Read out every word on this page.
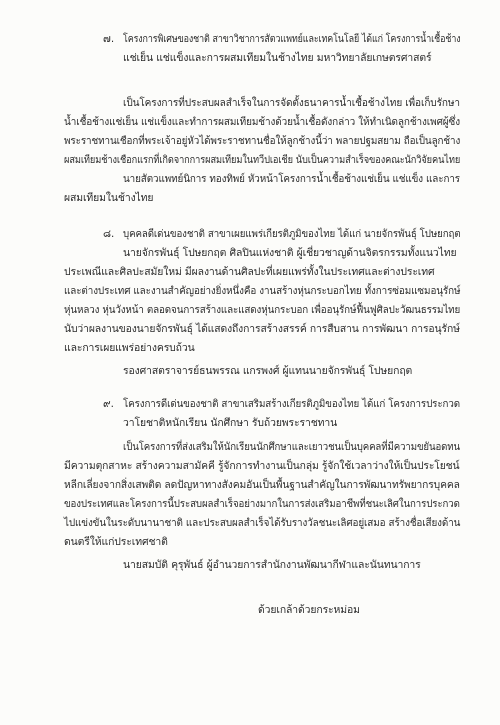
๗. โครงการพิเศษของชาติ สาขาวิชาการสัตวแพทย์และเทคโนโลยี ได้แก่ โครงการน้ำเชื้อช้าง
แช่เย็น แช่แข็งและการผสมเทียมในช้างไทย มหาวิทยาลัยเกษตรศาสตร์
เป็นโครงการที่ประสบผลสำเร็จในการจัดตั้งธนาคารน้ำเชื้อช้างไทย เพื่อเก็บรักษา
น้ำเชื้อช้างแช่เย็น แช่แข็งและทำการผสมเทียมช้างด้วยน้ำเชื้อดังกล่าว ให้ทำเนิดลูกช้างเพศผู้ซึ่ง
พระราชทานเชือกที่พระเจ้าอยู่หัวได้พระราชทานชื่อให้ลูกช้างนี้ว่า พลายปฐมสยาม ถือเป็นลูกช้าง
ผสมเทียมช้างเชือกแรกที่เกิดจากการผสมเทียมในทวีปเอเชีย นับเป็นความสำเร็จของคณะนักวิจัยคนไทย
นายสัตวแพทย์นิการ ทองทิพย์ หัวหน้าโครงการน้ำเชื้อช้างแช่เย็น แช่แข็ง และการ
ผสมเทียมในช้างไทย
๘. บุคคลดีเด่นของชาติ สาขาเผยแพร่เกียรติภูมิของไทย ได้แก่ นายจักรพันธุ์ โปษยกฤต
นายจักรพันธุ์ โปษยกฤต ศิลปินแห่งชาติ ผู้เชี่ยวชาญด้านจิตรกรรมทั้งแนวไทย
ประเพณีและศิลปะสมัยใหม่ มีผลงานด้านศิลปะที่เผยแพร่ทั้งในประเทศและต่างประเทศ
และต่างประเทศ และงานสำคัญอย่างยิ่งหนึ่งคือ งานสร้างหุ่นกระบอกไทย ทั้งการซ่อมแซมอนุรักษ์
หุ่นหลวง หุ่นวังหน้า ตลอดจนการสร้างและแสดงหุ่นกระบอก เพื่ออนุรักษ์ฟื้นฟูศิลปะวัฒนธรรมไทย
นับว่าผลงานของนายจักรพันธุ์ ได้แสดงถึงการสร้างสรรค์ การสืบสาน การพัฒนา การอนุรักษ์
และการเผยแพร่อย่างครบถ้วน
รองศาสตราจารย์ธนพรรณ แกรพงศ์ ผู้แทนนายจักรพันธุ์ โปษยกฤต
๙. โครงการดีเด่นของชาติ สาขาเสริมสร้างเกียรติภูมิของไทย ได้แก่ โครงการประกวด
วาโยชาติหนักเรียน นักศึกษา รับถ้วยพระราชทาน
เป็นโครงการที่ส่งเสริมให้นักเรียนนักศึกษาและเยาวชนเป็นบุคคลที่มีความขยันอดทน
มีความตุกสาหะ สร้างความสามัคคี รู้จักการทำงานเป็นกลุ่ม รู้จักใช้เวลาว่างให้เป็นประโยชน์
หลีกเลี่ยงจากสิ่งเสพติด ลดปัญหาทางสังคมอันเป็นพื้นฐานสำคัญในการพัฒนาทรัพยากรบุคคล
ของประเทศและโครงการนี้ประสบผลสำเร็จอย่างมากในการส่งเสริมอาชีพที่ชนะเลิศในการประกวด
ไปแข่งขันในระดับนานาชาติ และประสบผลสำเร็จได้รับรางวัลชนะเลิศอยู่เสมอ สร้างชื่อเสียงด้าน
ดนตรีให้แก่ประเทศชาติ
นายสมบัติ คุรุพันธ์ ผู้อำนวยการสำนักงานพัฒนากีฬาและนันทนาการ
ด้วยเกล้าด้วยกระหม่อม
